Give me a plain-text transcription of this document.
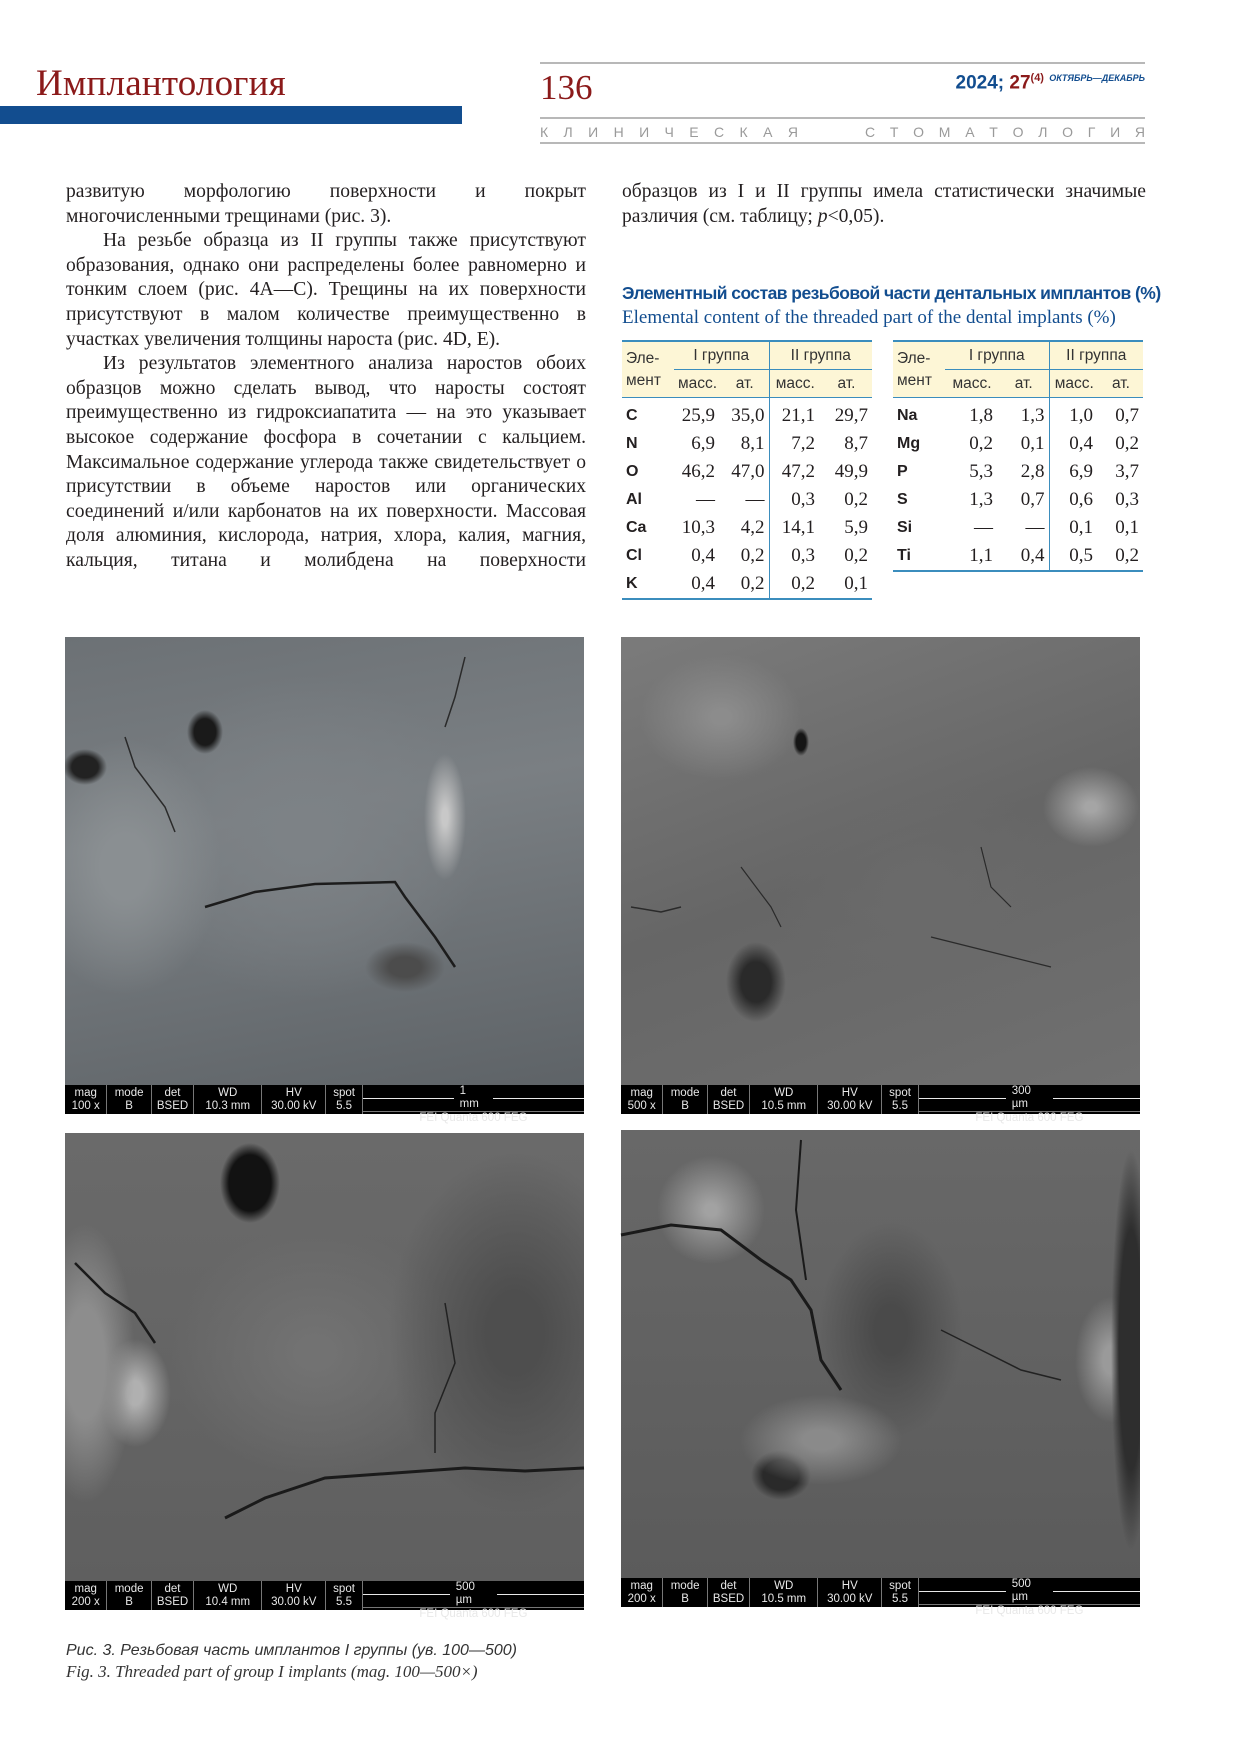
Имплантология	136	2024; 27$^{(4)}$ $^{ОКТЯБРЬ—ДЕКАБРЬ}$
К Л И Н И Ч Е С К А Я	С Т О М А Т О Л О Г И Я

развитую морфологию поверхности и покрыт многочисленными трещинами (рис. 3).

На резьбе образца из II группы также присутствуют образования, однако они распределены более равномерно и тонким слоем (рис. 4A—C). Трещины на их поверхности присутствуют в малом количестве преимущественно в участках увеличения толщины нароста (рис. 4D, E).

Из результатов элементного анализа наростов обоих образцов можно сделать вывод, что наросты состоят преимущественно из гидроксиапатита — на это указывает высокое содержание фосфора в сочетании с кальцием. Максимальное содержание углерода также свидетельствует о присутствии в объеме наростов или органических соединений и/или карбонатов на их поверхности. Массовая доля алюминия, кислорода, натрия, хлора, калия, магния, кальция, титана и молибдена на поверхности

образцов из I и II группы имела статистически значимые различия (см. таблицу; p<0,05).

Элементный состав резьбовой части дентальных имплантов (%)
Elemental content of the threaded part of the dental implants (%)
Эле-
мент	I группа		II группа	
	масс.	ат.	масс.	ат.
C	25,9	35,0	21,1	29,7
N	6,9	8,1	7,2	8,7
O	46,2	47,0	47,2	49,9
Al	—	—	0,3	0,2
Ca	10,3	4,2	14,1	5,9
Cl	0,4	0,2	0,3	0,2
K	0,4	0,2	0,2	0,1
Эле-
мент	I группа		II группа	
	масс.	ат.	масс.	ат.
Na	1,8	1,3	1,0	0,7
Mg	0,2	0,1	0,4	0,2
P	5,3	2,8	6,9	3,7
S	1,3	0,7	0,6	0,3
Si	—	—	0,1	0,1
Ti	1,1	0,4	0,5	0,2
mag
100 x
mode
B
det
BSED
WD
10.3 mm
HV
30.00 kV
spot
5.5
1 mm
FEI Quanta 600 FEG
mag
500 x
mode
B
det
BSED
WD
10.5 mm
HV
30.00 kV
spot
5.5
300 µm
FEI Quanta 600 FEG
mag
200 x
mode
B
det
BSED
WD
10.4 mm
HV
30.00 kV
spot
5.5
500 µm
FEI Quanta 600 FEG
mag
200 x
mode
B
det
BSED
WD
10.5 mm
HV
30.00 kV
spot
5.5
500 µm
FEI Quanta 600 FEG
Рис. 3. Резьбовая часть имплантов I группы (ув. 100—500)
Fig. 3. Threaded part of group I implants (mag. 100—500×)
